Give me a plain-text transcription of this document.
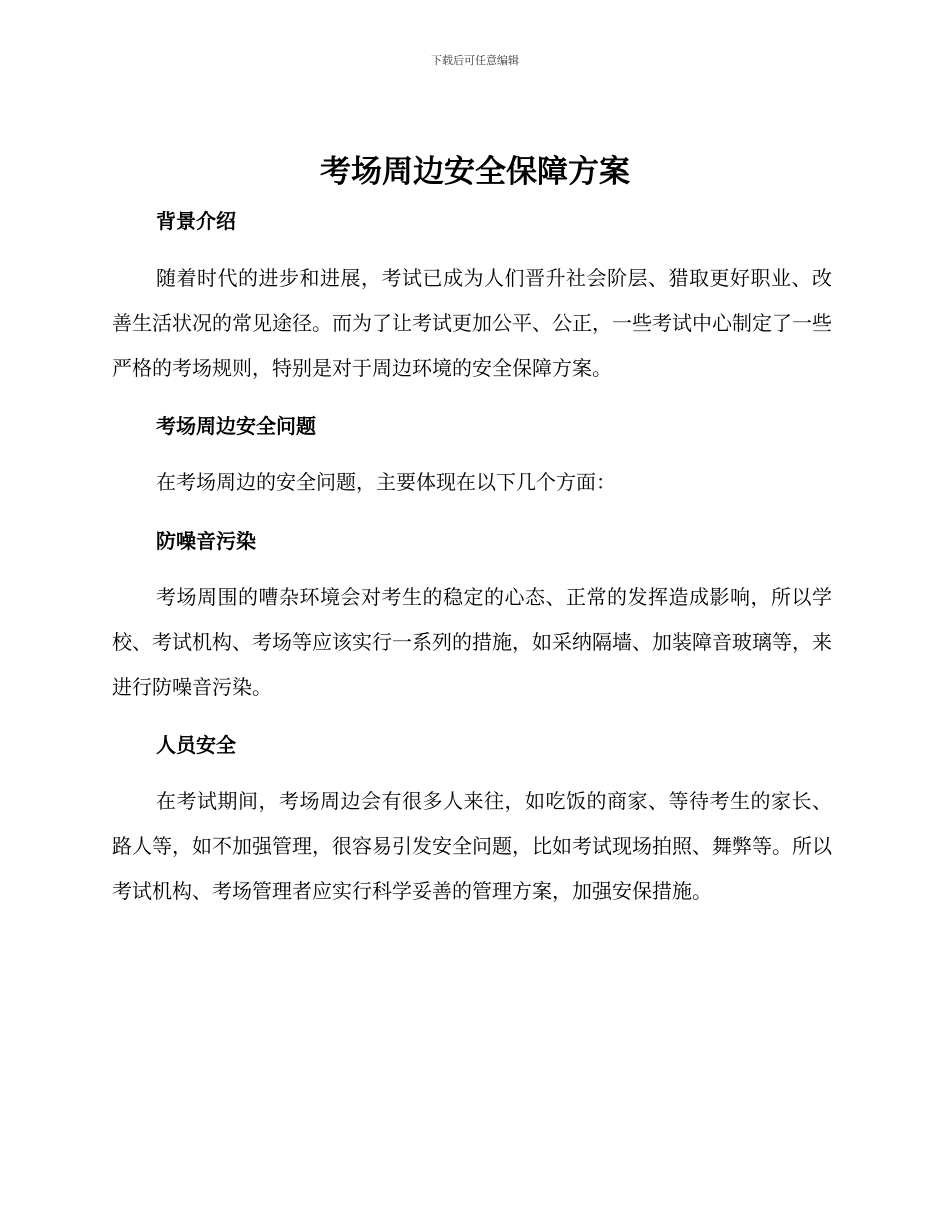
下载后可任意编辑
考场周边安全保障方案
背景介绍

随着时代的进步和进展，考试已成为人们晋升社会阶层、猎取更好职业、改善生活状况的常见途径。而为了让考试更加公平、公正，一些考试中心制定了一些严格的考场规则，特别是对于周边环境的安全保障方案。

考场周边安全问题

在考场周边的安全问题，主要体现在以下几个方面：

防噪音污染

考场周围的嘈杂环境会对考生的稳定的心态、正常的发挥造成影响，所以学校、考试机构、考场等应该实行一系列的措施，如采纳隔墙、加装障音玻璃等，来进行防噪音污染。

人员安全

在考试期间，考场周边会有很多人来往，如吃饭的商家、等待考生的家长、路人等，如不加强管理，很容易引发安全问题，比如考试现场拍照、舞弊等。所以考试机构、考场管理者应实行科学妥善的管理方案，加强安保措施。
